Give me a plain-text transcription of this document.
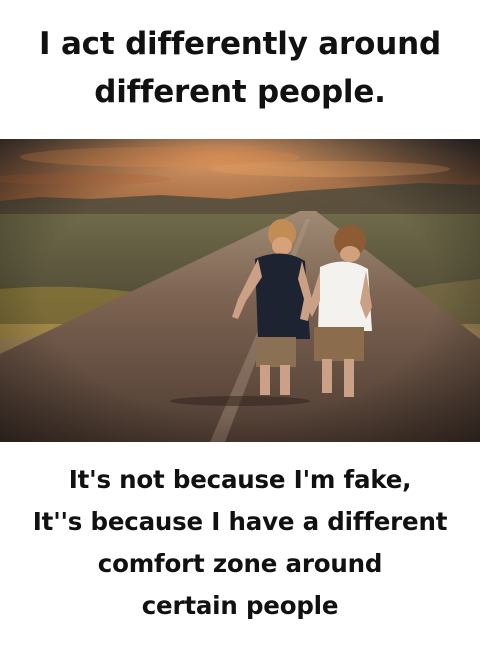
I act differently around
different people.
It's not because I'm fake,
It''s because I have a different
comfort zone around
certain people
